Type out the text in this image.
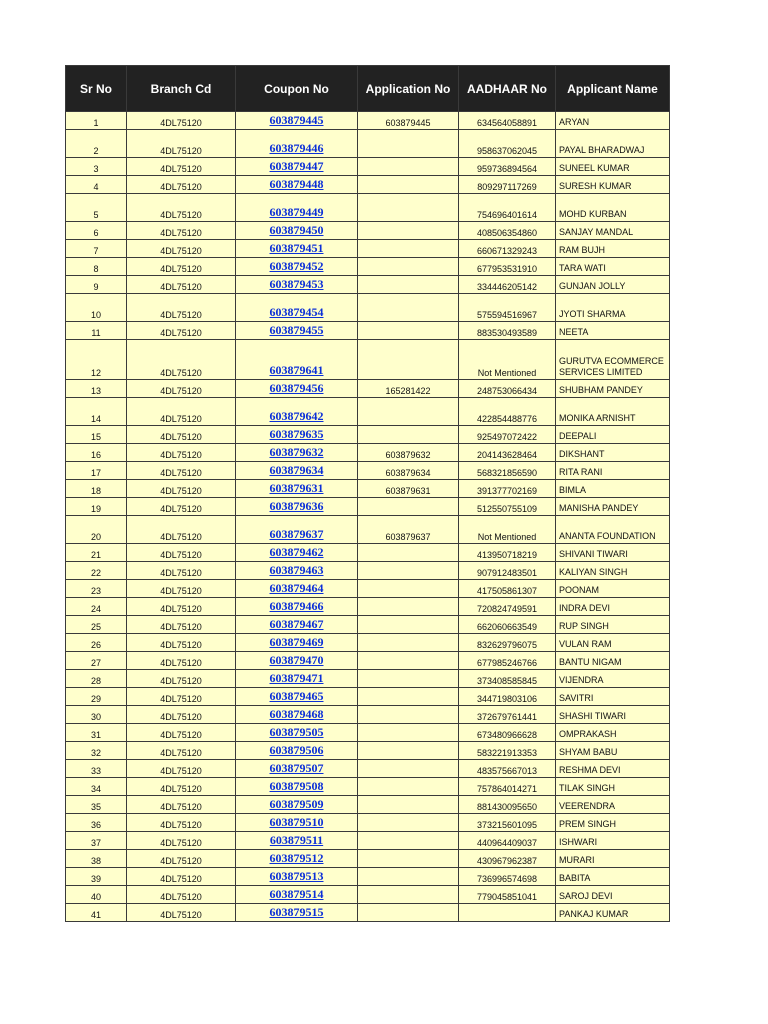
Sr No	Branch Cd	Coupon No	Application No	AADHAAR No	Applicant Name
1	4DL75120	603879445	603879445	634564058891	ARYAN
2	4DL75120	603879446		958637062045	PAYAL BHARADWAJ
3	4DL75120	603879447		959736894564	SUNEEL KUMAR
4	4DL75120	603879448		809297117269	SURESH KUMAR
5	4DL75120	603879449		754696401614	MOHD KURBAN
6	4DL75120	603879450		408506354860	SANJAY MANDAL
7	4DL75120	603879451		660671329243	RAM BUJH
8	4DL75120	603879452		677953531910	TARA WATI
9	4DL75120	603879453		334446205142	GUNJAN JOLLY
10	4DL75120	603879454		575594516967	JYOTI SHARMA
11	4DL75120	603879455		883530493589	NEETA
12	4DL75120	603879641		Not Mentioned	GURUTVA ECOMMERCE SERVICES LIMITED
13	4DL75120	603879456	165281422	248753066434	SHUBHAM PANDEY
14	4DL75120	603879642		422854488776	MONIKA ARNISHT
15	4DL75120	603879635		925497072422	DEEPALI
16	4DL75120	603879632	603879632	204143628464	DIKSHANT
17	4DL75120	603879634	603879634	568321856590	RITA RANI
18	4DL75120	603879631	603879631	391377702169	BIMLA
19	4DL75120	603879636		512550755109	MANISHA PANDEY
20	4DL75120	603879637	603879637	Not Mentioned	ANANTA FOUNDATION
21	4DL75120	603879462		413950718219	SHIVANI TIWARI
22	4DL75120	603879463		907912483501	KALIYAN SINGH
23	4DL75120	603879464		417505861307	POONAM
24	4DL75120	603879466		720824749591	INDRA DEVI
25	4DL75120	603879467		662060663549	RUP SINGH
26	4DL75120	603879469		832629796075	VULAN RAM
27	4DL75120	603879470		677985246766	BANTU NIGAM
28	4DL75120	603879471		373408585845	VIJENDRA
29	4DL75120	603879465		344719803106	SAVITRI
30	4DL75120	603879468		372679761441	SHASHI TIWARI
31	4DL75120	603879505		673480966628	OMPRAKASH
32	4DL75120	603879506		583221913353	SHYAM BABU
33	4DL75120	603879507		483575667013	RESHMA DEVI
34	4DL75120	603879508		757864014271	TILAK SINGH
35	4DL75120	603879509		881430095650	VEERENDRA
36	4DL75120	603879510		373215601095	PREM SINGH
37	4DL75120	603879511		440964409037	ISHWARI
38	4DL75120	603879512		430967962387	MURARI
39	4DL75120	603879513		736996574698	BABITA
40	4DL75120	603879514		779045851041	SAROJ DEVI
41	4DL75120	603879515			PANKAJ KUMAR
